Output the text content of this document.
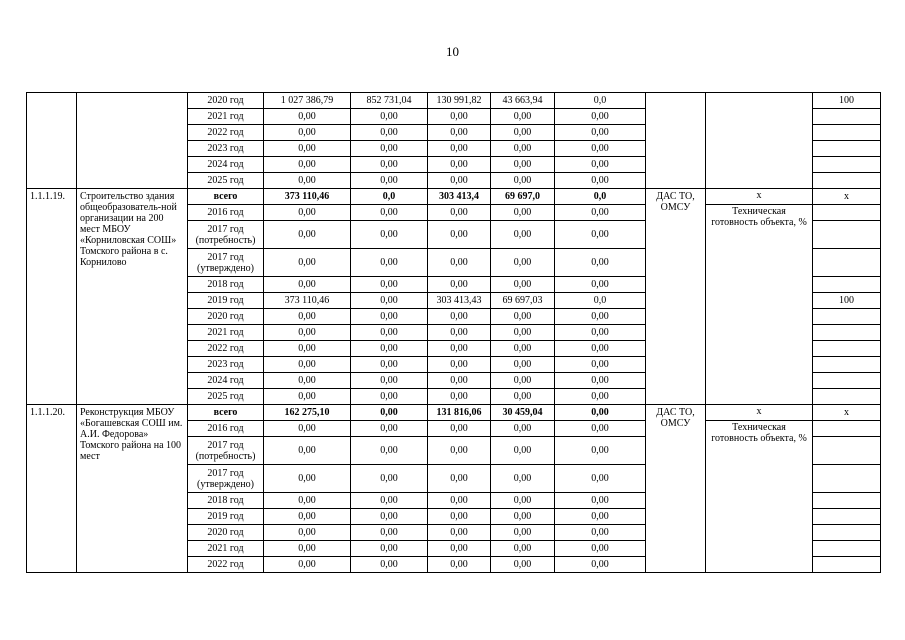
10
		2020 год	1 027 386,79	852 731,04	130 991,82	43 663,94	0,0			100
		2021 год	0,00	0,00	0,00	0,00	0,00			
		2022 год	0,00	0,00	0,00	0,00	0,00			
		2023 год	0,00	0,00	0,00	0,00	0,00			
		2024 год	0,00	0,00	0,00	0,00	0,00			
		2025 год	0,00	0,00	0,00	0,00	0,00			
1.1.1.19.	Строительство здания общеобразователь-ной организации на 200 мест МБОУ «Корниловская СОШ» Томского района в с. Корнилово	всего	373 110,46	0,0	303 413,4	69 697,0	0,0	ДАС ТО, ОМСУ	х	х
		2016 год	0,00	0,00	0,00	0,00	0,00		Техническая готовность объекта, %	
		2017 год (потребность)	0,00	0,00	0,00	0,00	0,00			
		2017 год (утверждено)	0,00	0,00	0,00	0,00	0,00			
		2018 год	0,00	0,00	0,00	0,00	0,00			
		2019 год	373 110,46	0,00	303 413,43	69 697,03	0,0			100
		2020 год	0,00	0,00	0,00	0,00	0,00			
		2021 год	0,00	0,00	0,00	0,00	0,00			
		2022 год	0,00	0,00	0,00	0,00	0,00			
		2023 год	0,00	0,00	0,00	0,00	0,00			
		2024 год	0,00	0,00	0,00	0,00	0,00			
		2025 год	0,00	0,00	0,00	0,00	0,00			
1.1.1.20.	Реконструкция МБОУ «Богашевская СОШ им. А.И. Федорова» Томского района на 100 мест	всего	162 275,10	0,00	131 816,06	30 459,04	0,00	ДАС ТО, ОМСУ	х	х
		2016 год	0,00	0,00	0,00	0,00	0,00		Техническая готовность объекта, %	
		2017 год (потребность)	0,00	0,00	0,00	0,00	0,00			
		2017 год (утверждено)	0,00	0,00	0,00	0,00	0,00			
		2018 год	0,00	0,00	0,00	0,00	0,00			
		2019 год	0,00	0,00	0,00	0,00	0,00			
		2020 год	0,00	0,00	0,00	0,00	0,00			
		2021 год	0,00	0,00	0,00	0,00	0,00			
		2022 год	0,00	0,00	0,00	0,00	0,00			
